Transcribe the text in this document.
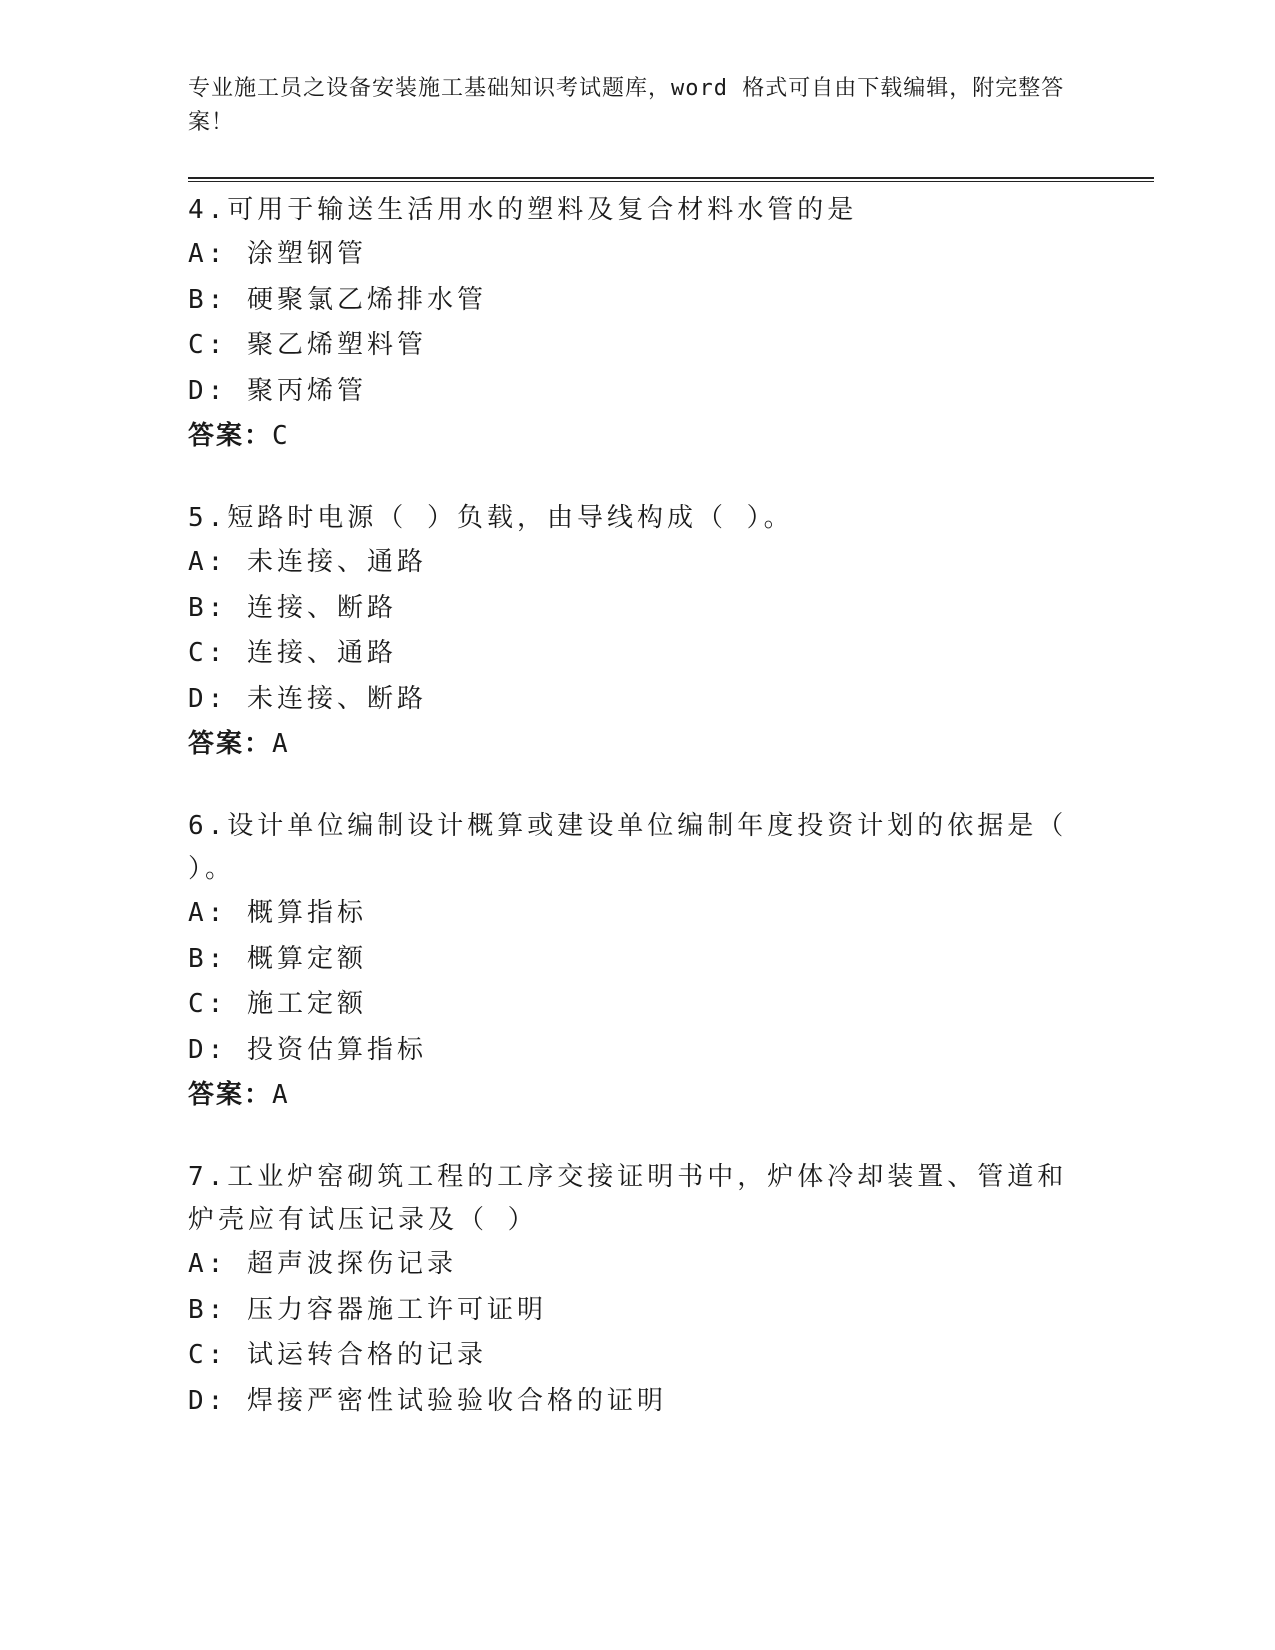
专业施工员之设备安装施工基础知识考试题库，word 格式可自由下载编辑，附完整答案！

4.可用于输送生活用水的塑料及复合材料水管的是

A: 涂塑钢管

B: 硬聚氯乙烯排水管

C: 聚乙烯塑料管

D: 聚丙烯管

答案：C

5.短路时电源（ ）负载，由导线构成（ ）。

A: 未连接、通路

B: 连接、断路

C: 连接、通路

D: 未连接、断路

答案：A

6.设计单位编制设计概算或建设单位编制年度投资计划的依据是（ ）。

A: 概算指标

B: 概算定额

C: 施工定额

D: 投资估算指标

答案：A

7.工业炉窑砌筑工程的工序交接证明书中，炉体冷却装置、管道和炉壳应有试压记录及（ ）

A: 超声波探伤记录

B: 压力容器施工许可证明

C: 试运转合格的记录

D: 焊接严密性试验验收合格的证明
